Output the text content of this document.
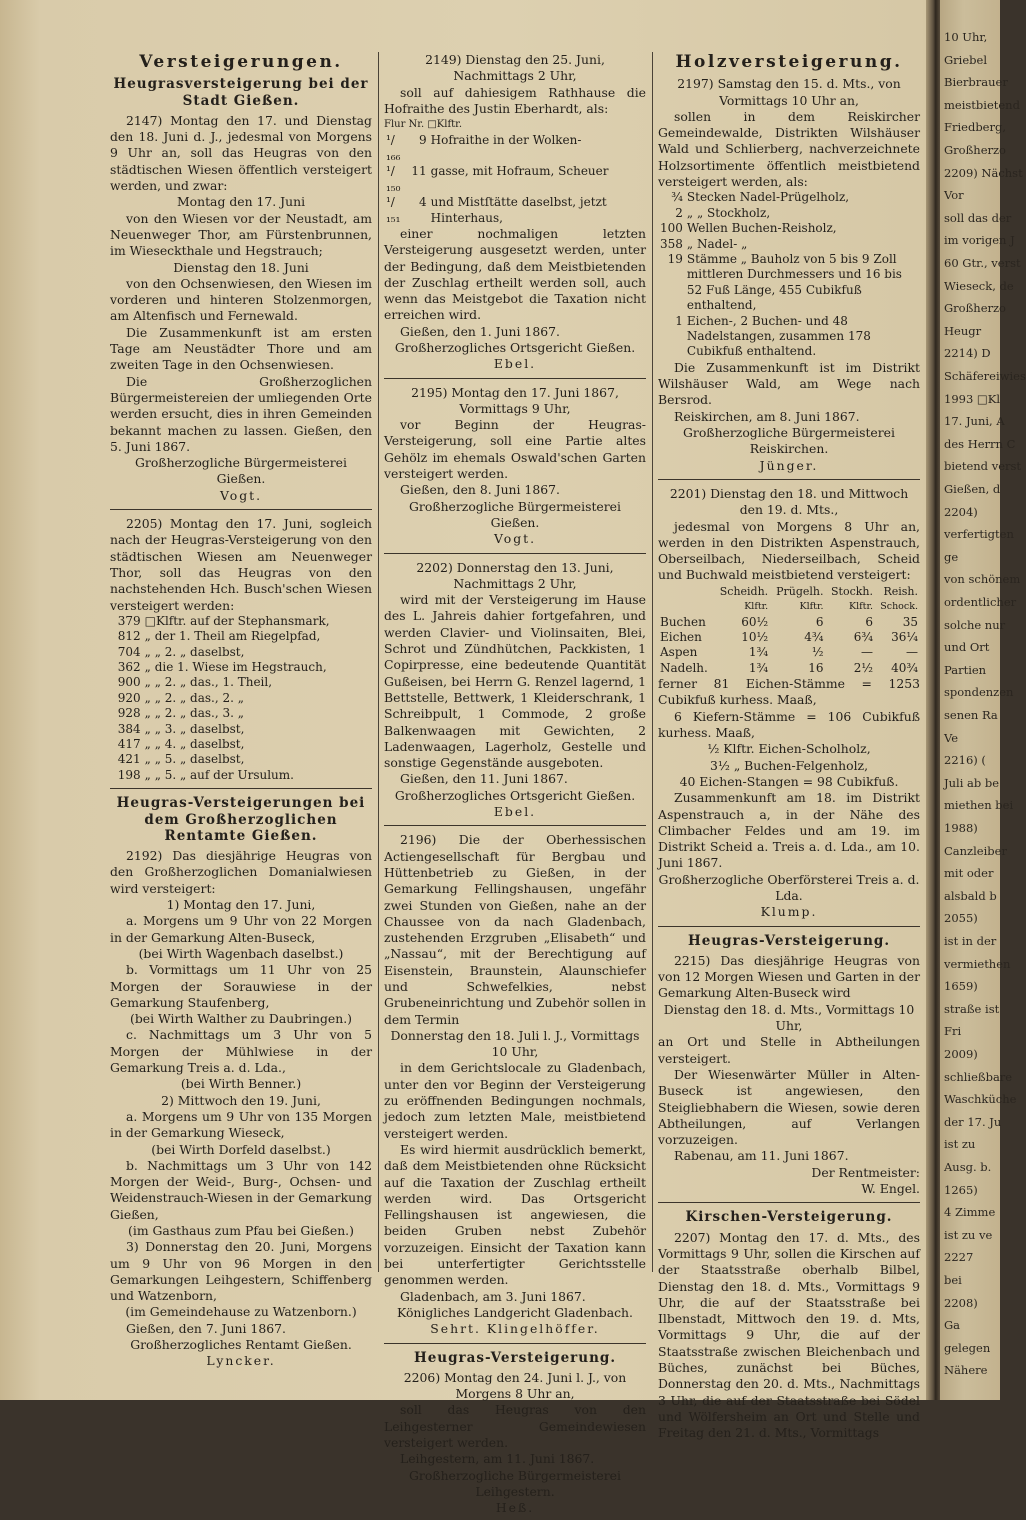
Versteigerungen.
Heugrasversteigerung bei der Stadt Gießen.

2147) Montag den 17. und Dienstag den 18. Juni d. J., jedesmal von Morgens 9 Uhr an, soll das Heugras von den städtischen Wiesen öffentlich versteigert werden, und zwar:

Montag den 17. Juni

von den Wiesen vor der Neustadt, am Neuenweger Thor, am Fürstenbrunnen, im Wieseckthale und Hegstrauch;

Dienstag den 18. Juni

von den Ochsenwiesen, den Wiesen im vorderen und hinteren Stolzenmorgen, am Altenfisch und Fernewald.

Die Zusammenkunft ist am ersten Tage am Neustädter Thore und am zweiten Tage in den Ochsenwiesen.

Die Großherzoglichen Bürgermeistereien der umliegenden Orte werden ersucht, dies in ihren Gemeinden bekannt machen zu lassen. Gießen, den 5. Juni 1867.

Großherzogliche Bürgermeisterei Gießen.

Vogt.

2205) Montag den 17. Juni, sogleich nach der Heugras-Versteigerung von den städtischen Wiesen am Neuenweger Thor, soll das Heugras von den nachstehenden Hch. Busch'schen Wiesen versteigert werden:

379	□Klftr. auf der Stephansmark,
812	„ der 1. Theil am Riegelpfad,
704	„ „ 2. „ daselbst,
362	„ die 1. Wiese im Hegstrauch,
900	„ „ 2. „ das., 1. Theil,
920	„ „ 2. „ das., 2. „
928	„ „ 2. „ das., 3. „
384	„ „ 3. „ daselbst,
417	„ „ 4. „ daselbst,
421	„ „ 5. „ daselbst,
198	„ „ 5. „ auf der Ursulum.
Heugras-Versteigerungen bei dem Großherzoglichen Rentamte Gießen.

2192) Das diesjährige Heugras von den Großherzoglichen Domanialwiesen wird versteigert:

1) Montag den 17. Juni,

a. Morgens um 9 Uhr von 22 Morgen in der Gemarkung Alten-Buseck,

(bei Wirth Wagenbach daselbst.)

b. Vormittags um 11 Uhr von 25 Morgen der Sorauwiese in der Gemarkung Staufenberg,

(bei Wirth Walther zu Daubringen.)

c. Nachmittags um 3 Uhr von 5 Morgen der Mühlwiese in der Gemarkung Treis a. d. Lda.,

(bei Wirth Benner.)

2) Mittwoch den 19. Juni,

a. Morgens um 9 Uhr von 135 Morgen in der Gemarkung Wieseck,

(bei Wirth Dorfeld daselbst.)

b. Nachmittags um 3 Uhr von 142 Morgen der Weid-, Burg-, Ochsen- und Weidenstrauch-Wiesen in der Gemarkung Gießen,

(im Gasthaus zum Pfau bei Gießen.)

3) Donnerstag den 20. Juni, Morgens um 9 Uhr von 96 Morgen in den Gemarkungen Leihgestern, Schiffenberg und Watzenborn,

(im Gemeindehause zu Watzenborn.)

Gießen, den 7. Juni 1867.

Großherzogliches Rentamt Gießen.

Lyncker.

2149) Dienstag den 25. Juni, Nachmittags 2 Uhr,

soll auf dahiesigem Rathhause die Hofraithe des Justin Eberhardt, als:

Flur Nr. □Klftr.

¹/₁₆₆	9	Hofraithe in der Wolken-
¹/₁₅₀	11	gasse, mit Hofraum, Scheuer
¹/₁₅₁	4	und Mistſtätte daselbst, jetzt Hinterhaus,

einer nochmaligen letzten Versteigerung ausgesetzt werden, unter der Bedingung, daß dem Meistbietenden der Zuschlag ertheilt werden soll, auch wenn das Meistgebot die Taxation nicht erreichen wird.

Gießen, den 1. Juni 1867.

Großherzogliches Ortsgericht Gießen.

Ebel.

2195) Montag den 17. Juni 1867, Vormittags 9 Uhr,

vor Beginn der Heugras-Versteigerung, soll eine Partie altes Gehölz im ehemals Oswald'schen Garten versteigert werden.

Gießen, den 8. Juni 1867.

Großherzogliche Bürgermeisterei Gießen.

Vogt.

2202) Donnerstag den 13. Juni, Nachmittags 2 Uhr,

wird mit der Versteigerung im Hause des L. Jahreis dahier fortgefahren, und werden Clavier- und Violinsaiten, Blei, Schrot und Zündhütchen, Packkisten, 1 Copirpresse, eine bedeutende Quantität Gußeisen, bei Herrn G. Renzel lagernd, 1 Bettstelle, Bettwerk, 1 Kleiderschrank, 1 Schreibpult, 1 Commode, 2 große Balkenwaagen mit Gewichten, 2 Ladenwaagen, Lagerholz, Gestelle und sonstige Gegenstände ausgeboten.

Gießen, den 11. Juni 1867.

Großherzogliches Ortsgericht Gießen.

Ebel.

2196) Die der Oberhessischen Actiengesellschaft für Bergbau und Hüttenbetrieb zu Gießen, in der Gemarkung Fellingshausen, ungefähr zwei Stunden von Gießen, nahe an der Chaussee von da nach Gladenbach, zustehenden Erzgruben „Elisabeth“ und „Nassau“, mit der Berechtigung auf Eisenstein, Braunstein, Alaunschiefer und Schwefelkies, nebst Grubeneinrichtung und Zubehör sollen in dem Termin

Donnerstag den 18. Juli l. J., Vormittags 10 Uhr,

in dem Gerichtslocale zu Gladenbach, unter den vor Beginn der Versteigerung zu eröffnenden Bedingungen nochmals, jedoch zum letzten Male, meistbietend versteigert werden.

Es wird hiermit ausdrücklich bemerkt, daß dem Meistbietenden ohne Rücksicht auf die Taxation der Zuschlag ertheilt werden wird. Das Ortsgericht Fellingshausen ist angewiesen, die beiden Gruben nebst Zubehör vorzuzeigen. Einsicht der Taxation kann bei unterfertigter Gerichtsstelle genommen werden.

Gladenbach, am 3. Juni 1867.

Königliches Landgericht Gladenbach.

Sehrt. Klingelhöffer.

Heugras-Versteigerung.

2206) Montag den 24. Juni l. J., von Morgens 8 Uhr an,

soll das Heugras von den Leihgesterner Gemeindewiesen versteigert werden.

Leihgestern, am 11. Juni 1867.

Großherzogliche Bürgermeisterei Leihgestern.

Heß.

Holzversteigerung.

2197) Samstag den 15. d. Mts., von Vormittags 10 Uhr an,

sollen in dem Reiskircher Gemeindewalde, Distrikten Wilshäuser Wald und Schlierberg, nachverzeichnete Holzsortimente öffentlich meistbietend versteigert werden, als:

¾	Stecken Nadel-Prügelholz,
2	„ „ Stockholz,
100	Wellen Buchen-Reisholz,
358	„ Nadel- „
19	Stämme „ Bauholz von 5 bis 9 Zoll mittleren Durchmessers und 16 bis 52 Fuß Länge, 455 Cubikfuß enthaltend,
1	Eichen-, 2 Buchen- und 48 Nadelstangen, zusammen 178 Cubikfuß enthaltend.

Die Zusammenkunft ist im Distrikt Wilshäuser Wald, am Wege nach Bersrod.

Reiskirchen, am 8. Juni 1867.

Großherzogliche Bürgermeisterei Reiskirchen.

Jünger.

2201) Dienstag den 18. und Mittwoch den 19. d. Mts.,

jedesmal von Morgens 8 Uhr an, werden in den Distrikten Aspenstrauch, Oberseilbach, Niederseilbach, Scheid und Buchwald meistbietend versteigert:

	Scheidh.	Prügelh.	Stockh.	Reish.
	Klftr.	Klftr.	Klftr.	Schock.
Buchen	60½	6	6	35
Eichen	10½	4¾	6¾	36¼
Aspen	1¾	½	—	—
Nadelh.	1¾	16	2½	40¾

ferner 81 Eichen-Stämme = 1253 Cubikfuß kurhess. Maaß,

6 Kiefern-Stämme = 106 Cubikfuß kurhess. Maaß,

½ Klftr. Eichen-Scholholz,

3½ „ Buchen-Felgenholz,

40 Eichen-Stangen = 98 Cubikfuß.

Zusammenkunft am 18. im Distrikt Aspenstrauch a, in der Nähe des Climbacher Feldes und am 19. im Distrikt Scheid a. Treis a. d. Lda., am 10. Juni 1867.

Großherzogliche Oberförsterei Treis a. d. Lda.

Klump.

Heugras-Versteigerung.

2215) Das diesjährige Heugras von von 12 Morgen Wiesen und Garten in der Gemarkung Alten-Buseck wird

Dienstag den 18. d. Mts., Vormittags 10 Uhr,

an Ort und Stelle in Abtheilungen versteigert.

Der Wiesenwärter Müller in Alten-Buseck ist angewiesen, den Steigliebhabern die Wiesen, sowie deren Abtheilungen, auf Verlangen vorzuzeigen.

Rabenau, am 11. Juni 1867.

Der Rentmeister:

W. Engel.

Kirschen-Versteigerung.

2207) Montag den 17. d. Mts., des Vormittags 9 Uhr, sollen die Kirschen auf der Staatsstraße oberhalb Bilbel, Dienstag den 18. d. Mts., Vormittags 9 Uhr, die auf der Staatsstraße bei Ilbenstadt, Mittwoch den 19. d. Mts, Vormittags 9 Uhr, die auf der Staatsstraße zwischen Bleichenbach und Büches, zunächst bei Büches, Donnerstag den 20. d. Mts., Nachmittags 3 Uhr, die auf der Staatsstraße bei Södel und Wölfersheim an Ort und Stelle und Freitag den 21. d. Mts., Vormittags

10 Uhr,
Griebel
Bierbrauer
meistbietend
Friedberg,
Großherzo
2209) Nächst
Vor
soll das der
im vorigen J
60 Gtr., verst
Wieseck, de
Großherzo
Heugr
2214) D
Schäfereiwies
1993 □Kl
17. Juni, A
des Herrn C
bietend verst
Gießen, d
2204)
verfertigten
ge
von schönem
ordentlicher
solche nur
und Ort
Partien
spondenzen
senen Ra
Ve
2216) (
Juli ab be
miethen bei
1988)
Canzleiber
mit oder
alsbald b
2055)
ist in der
vermiethen
1659)
straße ist
Fri
2009)
schließbare
Waschküche
der 17. Ju
ist zu
Ausg. b.
1265)
4 Zimme
ist zu ve
2227
bei
2208)
Ga
gelegen
Nähere
